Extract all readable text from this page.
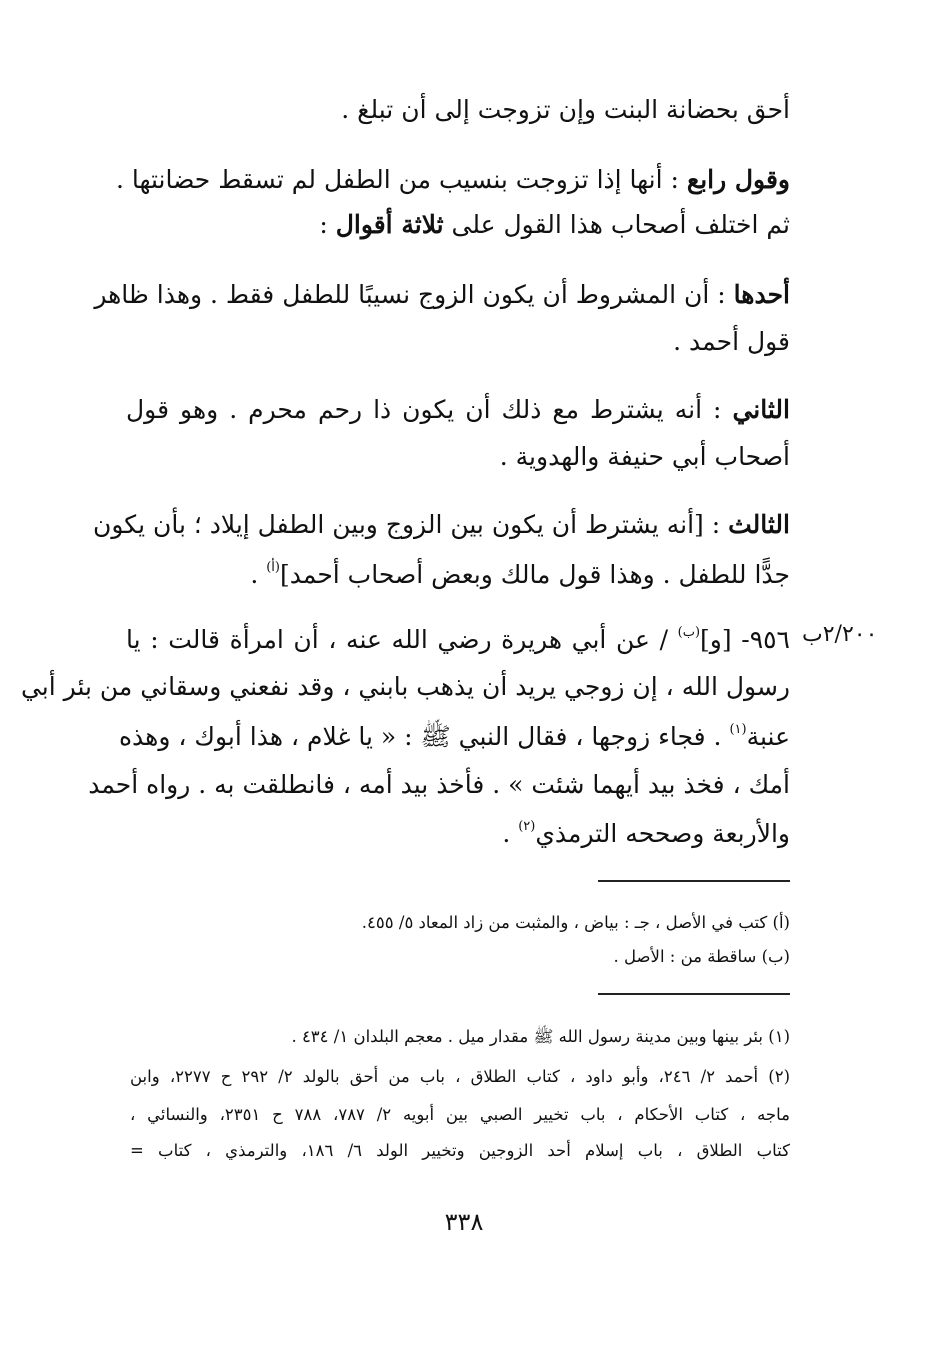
أحق بحضانة البنت وإن تزوجت إلى أن تبلغ .
وقول رابع : أنها إذا تزوجت بنسيب من الطفل لم تسقط حضانتها .
ثم اختلف أصحاب هذا القول على ثلاثة أقوال :
أحدها : أن المشروط أن يكون الزوج نسيبًا للطفل فقط . وهذا ظاهر
قول أحمد .
الثاني : أنه يشترط مع ذلك أن يكون ذا رحم محرم . وهو قول
أصحاب أبي حنيفة والهدوية .
الثالث : [أنه يشترط أن يكون بين الزوج وبين الطفل إيلاد ؛ بأن يكون
جدًّا للطفل . وهذا قول مالك وبعض أصحاب أحمد]$^{(أ)}$ .
٢/٢٠٠ب
٩٥٦- [و]$^{(ب)}$ / عن أبي هريرة رضي الله عنه ، أن امرأة قالت : يا
رسول الله ، إن زوجي يريد أن يذهب بابني ، وقد نفعني وسقاني من بئر أبي
عنبة$^{(١)}$ . فجاء زوجها ، فقال النبي ﷺ : « يا غلام ، هذا أبوك ، وهذه
أمك ، فخذ بيد أيهما شئت » . فأخذ بيد أمه ، فانطلقت به . رواه أحمد
والأربعة وصححه الترمذي$^{(٢)}$ .
(أ) كتب في الأصل ، جـ : بياض ، والمثبت من زاد المعاد ٥/ ٤٥٥.
(ب) ساقطة من : الأصل .
(١) بئر بينها وبين مدينة رسول الله ﷺ مقدار ميل . معجم البلدان ١/ ٤٣٤ .
(٢) أحمد ٢/ ٢٤٦، وأبو داود ، كتاب الطلاق ، باب من أحق بالولد ٢/ ٢٩٢ ح ٢٢٧٧، وابن
ماجه ، كتاب الأحكام ، باب تخيير الصبي بين أبويه ٢/ ٧٨٧، ٧٨٨ ح ٢٣٥١، والنسائي ،
كتاب الطلاق ، باب إسلام أحد الزوجين وتخيير الولد ٦/ ١٨٦، والترمذي ، كتاب =
٣٣٨
